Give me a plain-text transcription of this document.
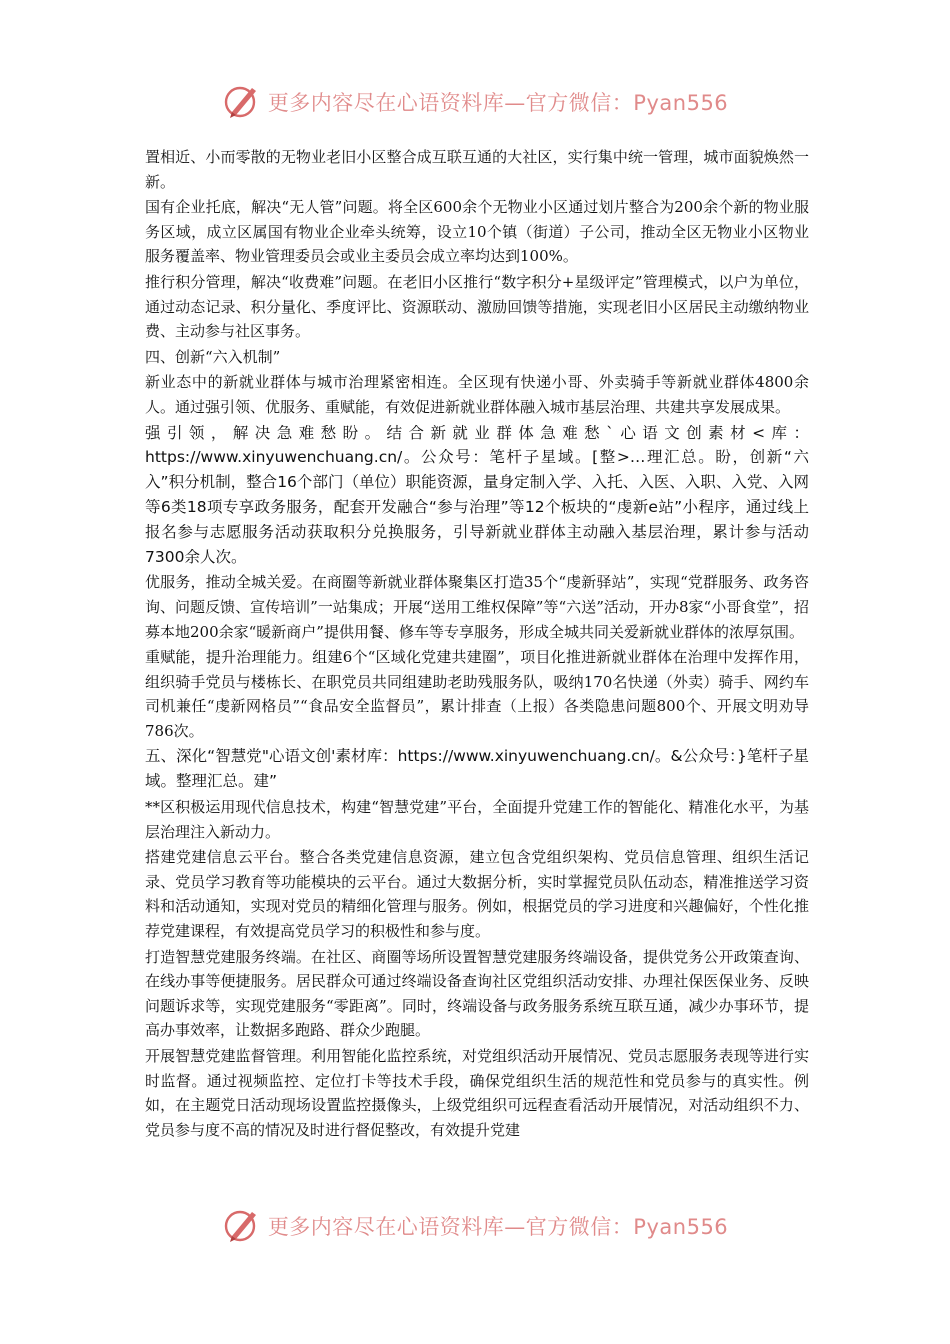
更多内容尽在心语资料库—官方微信：Pyan556

置相近、小而零散的无物业老旧小区整合成互联互通的大社区，实行集中统一管理，城市面貌焕然一新。

国有企业托底，解决“无人管”问题。将全区600余个无物业小区通过划片整合为200余个新的物业服务区域，成立区属国有物业企业牵头统筹，设立10个镇（街道）子公司，推动全区无物业小区物业服务覆盖率、物业管理委员会或业主委员会成立率均达到100%。

推行积分管理，解决“收费难”问题。在老旧小区推行“数字积分+星级评定”管理模式，以户为单位，通过动态记录、积分量化、季度评比、资源联动、激励回馈等措施，实现老旧小区居民主动缴纳物业费、主动参与社区事务。

四、创新“六入机制”

新业态中的新就业群体与城市治理紧密相连。全区现有快递小哥、外卖骑手等新就业群体4800余人。通过强引领、优服务、重赋能，有效促进新就业群体融入城市基层治理、共建共享发展成果。

强引领，解决急难愁盼。结合新就业群体急难愁`心语文创素材<库：https://www.xinyuwenchuang.cn/。公众号：笔杆子星域。[整>…理汇总。盼，创新“六入”积分机制，整合16个部门（单位）职能资源，量身定制入学、入托、入医、入职、入党、入网等6类18项专享政务服务，配套开发融合“参与治理”等12个板块的“虔新e站”小程序，通过线上报名参与志愿服务活动获取积分兑换服务，引导新就业群体主动融入基层治理，累计参与活动7300余人次。

优服务，推动全城关爱。在商圈等新就业群体聚集区打造35个“虔新驿站”，实现“党群服务、政务咨询、问题反馈、宣传培训”一站集成；开展“送用工维权保障”等“六送”活动，开办8家“小哥食堂”，招募本地200余家“暖新商户”提供用餐、修车等专享服务，形成全城共同关爱新就业群体的浓厚氛围。

重赋能，提升治理能力。组建6个“区域化党建共建圈”，项目化推进新就业群体在治理中发挥作用，组织骑手党员与楼栋长、在职党员共同组建助老助残服务队，吸纳170名快递（外卖）骑手、网约车司机兼任“虔新网格员”“食品安全监督员”，累计排查（上报）各类隐患问题800个、开展文明劝导786次。

五、深化“智慧党"心语文创'素材库：https://www.xinyuwenchuang.cn/。&公众号：}笔杆子星域。整理汇总。建”

**区积极运用现代信息技术，构建“智慧党建”平台，全面提升党建工作的智能化、精准化水平，为基层治理注入新动力。

搭建党建信息云平台。整合各类党建信息资源，建立包含党组织架构、党员信息管理、组织生活记录、党员学习教育等功能模块的云平台。通过大数据分析，实时掌握党员队伍动态，精准推送学习资料和活动通知，实现对党员的精细化管理与服务。例如，根据党员的学习进度和兴趣偏好，个性化推荐党建课程，有效提高党员学习的积极性和参与度。

打造智慧党建服务终端。在社区、商圈等场所设置智慧党建服务终端设备，提供党务公开政策查询、在线办事等便捷服务。居民群众可通过终端设备查询社区党组织活动安排、办理社保医保业务、反映问题诉求等，实现党建服务“零距离”。同时，终端设备与政务服务系统互联互通，减少办事环节，提高办事效率，让数据多跑路、群众少跑腿。

开展智慧党建监督管理。利用智能化监控系统，对党组织活动开展情况、党员志愿服务表现等进行实时监督。通过视频监控、定位打卡等技术手段，确保党组织生活的规范性和党员参与的真实性。例如，在主题党日活动现场设置监控摄像头，上级党组织可远程查看活动开展情况，对活动组织不力、党员参与度不高的情况及时进行督促整改，有效提升党建

更多内容尽在心语资料库—官方微信：Pyan556
